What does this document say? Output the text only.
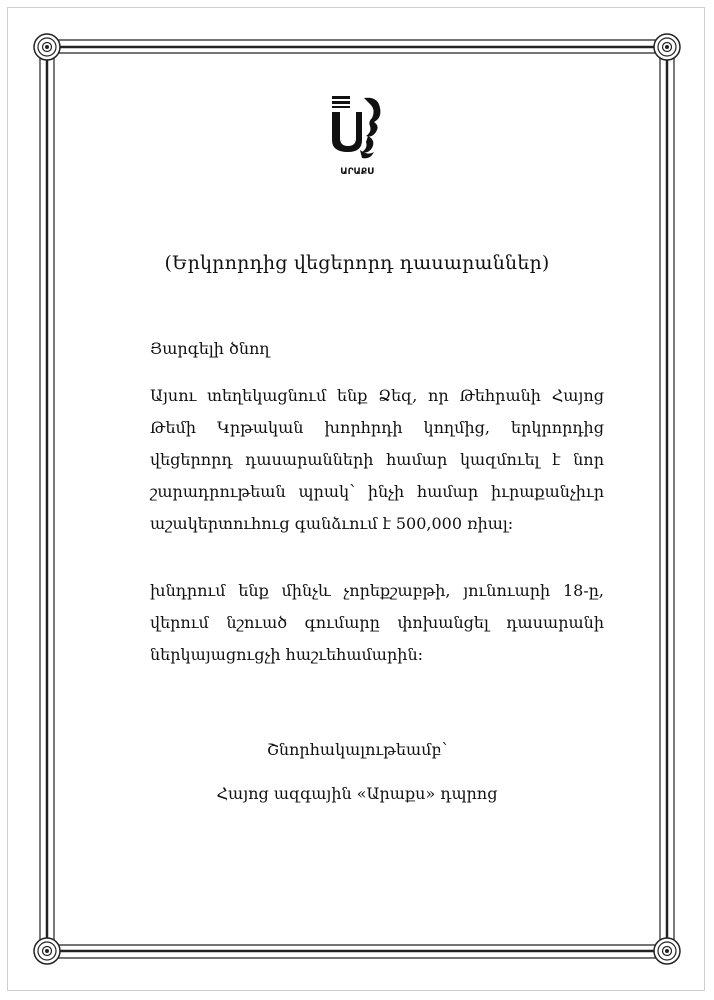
ԱՐԱՔՍ
(Երկրորդից վեցերորդ դասարաններ)
Յարգելի ծնող
Այսու տեղեկացնում ենք Ձեզ, որ Թեհրանի Հայոց Թեմի Կրթական խորհրդի կողմից, երկրորդից վեցերորդ դասարանների համար կազմուել է նոր շարադրութեան պրակ՝ ինչի համար իւրաքանչիւր աշակերտուհուց գանձւում է 500,000 ռիալ։
խնդրում ենք մինչև չորեքշաբթի, յունուարի 18-ը, վերում նշուած գումարը փոխանցել դասարանի ներկայացուցչի հաշւեհամարին։
Շնորհակալութեամբ՝
Հայոց ազգային «Արաքս» դպրոց
